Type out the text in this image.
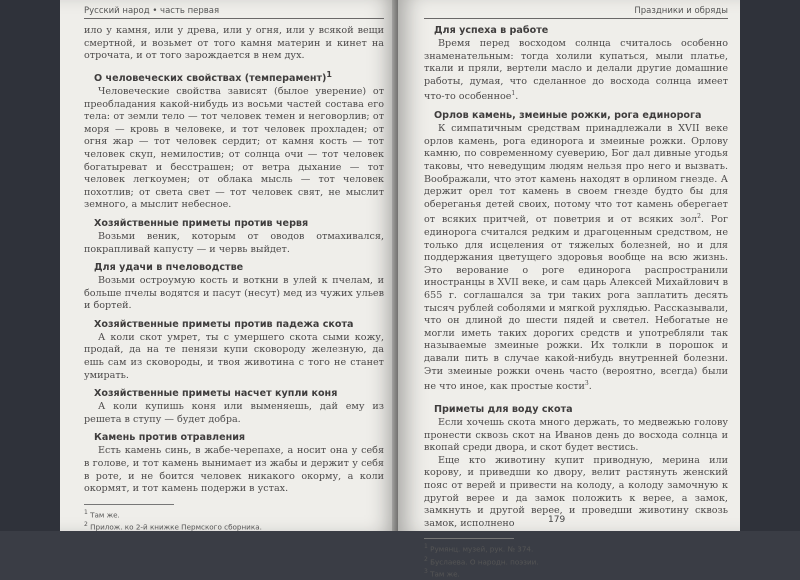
Русский народ • часть первая

ило у камня, или у древа, или у огня, или у всякой вещи смертной, и возьмет от того камня материн и кинет на отрочата, и от того зарождается в нем дух.

О человеческих свойствах (темперамент)$^1$

Человеческие свойства зависят (былое уверение) от преобладания какой-нибудь из восьми частей состава его тела: от земли тело — тот человек темен и неговорлив; от моря — кровь в человеке, и тот человек прохладен; от огня жар — тот человек сердит; от камня кость — тот человек скуп, немилостив; от солнца очи — тот человек богатыреват и бесстрашен; от ветра дыхание — тот человек легкоумен; от облака мысль — тот человек похотлив; от света свет — тот человек свят, не мыслит земного, а мыслит небесное.

Хозяйственные приметы против червя

Возьми веник, которым от оводов отмахивался, покрапливай капусту — и червь выйдет.

Для удачи в пчеловодстве

Возьми остроумую кость и воткни в улей к пчелам, и больше пчелы водятся и пасут (несут) мед из чужих ульев и бортей.

Хозяйственные приметы против падежа скота

А коли скот умрет, ты с умершего скота сыми кожу, продай, да на те пенязи купи сковороду железную, да ешь сам из сковороды, и твоя животина с того не станет умирать.

Хозяйственные приметы насчет купли коня

А коли купишь коня или выменяешь, дай ему из решета в ступу — будет добра.

Камень против отравления

Есть камень синь, в жабе-черепахе, а носит она у себя в голове, и тот камень вынимает из жабы и держит у себя в роте, и не боится человек никакого окорму, а коли окормят, и тот камень подержи в устах.

$^1$ Там же.
$^2$ Прилож. ко 2-й книжке Пермского сборника.
Праздники и обряды
Для успеха в работе

Время перед восходом солнца считалось особенно знаменательным: тогда холили купаться, мыли платье, ткали и пряли, вертели масло и делали другие домашние работы, думая, что сделанное до восхода солнца имеет что-то особенное$^1$.

Орлов камень, змеиные рожки, рога единорога

К симпатичным средствам принадлежали в XVII веке орлов камень, рога единорога и змеиные рожки. Орлову камню, по современному суеверию, Бог дал дивные угодья таковы, что неведущим людям нельзя про него и вызвать. Воображали, что этот камень находят в орлином гнезде. А держит орел тот камень в своем гнезде будто бы для обереганья детей своих, потому что тот камень оберегает от всяких притчей, от поветрия и от всяких зол$^2$. Рог единорога считался редким и драгоценным средством, не только для исцеления от тяжелых болезней, но и для поддержания цветущего здоровья вообще на всю жизнь. Это верование о роге единорога распространили иностранцы в XVII веке, и сам царь Алексей Михайлович в 655 г. соглашался за три таких рога заплатить десять тысяч рублей соболями и мягкой рухлядью. Рассказывали, что он длиной до шести пядей и светел. Небогатые не могли иметь таких дорогих средств и употребляли так называемые змеиные рожки. Их толкли в порошок и давали пить в случае какой-нибудь внутренней болезни. Эти змеиные рожки очень часто (вероятно, всегда) были не что иное, как простые кости$^3$.

Приметы для воду скота

Если хочешь скота много держать, то медвежью голову пронести сквозь скот на Иванов день до восхода солнца и вкопай среди двора, и скот будет вестись.

Еще кто животину купит приводную, мерина или корову, и приведши ко двору, велит растянуть женский пояс от верей и привести на колоду, а колоду замочную к другой верее и да замок положить к верее, а замок, замкнуть и другой верее, и проведши животину сквозь замок, исполнено

$^1$ Румянц. музей, рук. № 374.
$^2$ Буслаева. О народн. поэзии.
$^3$ Там же.
179
